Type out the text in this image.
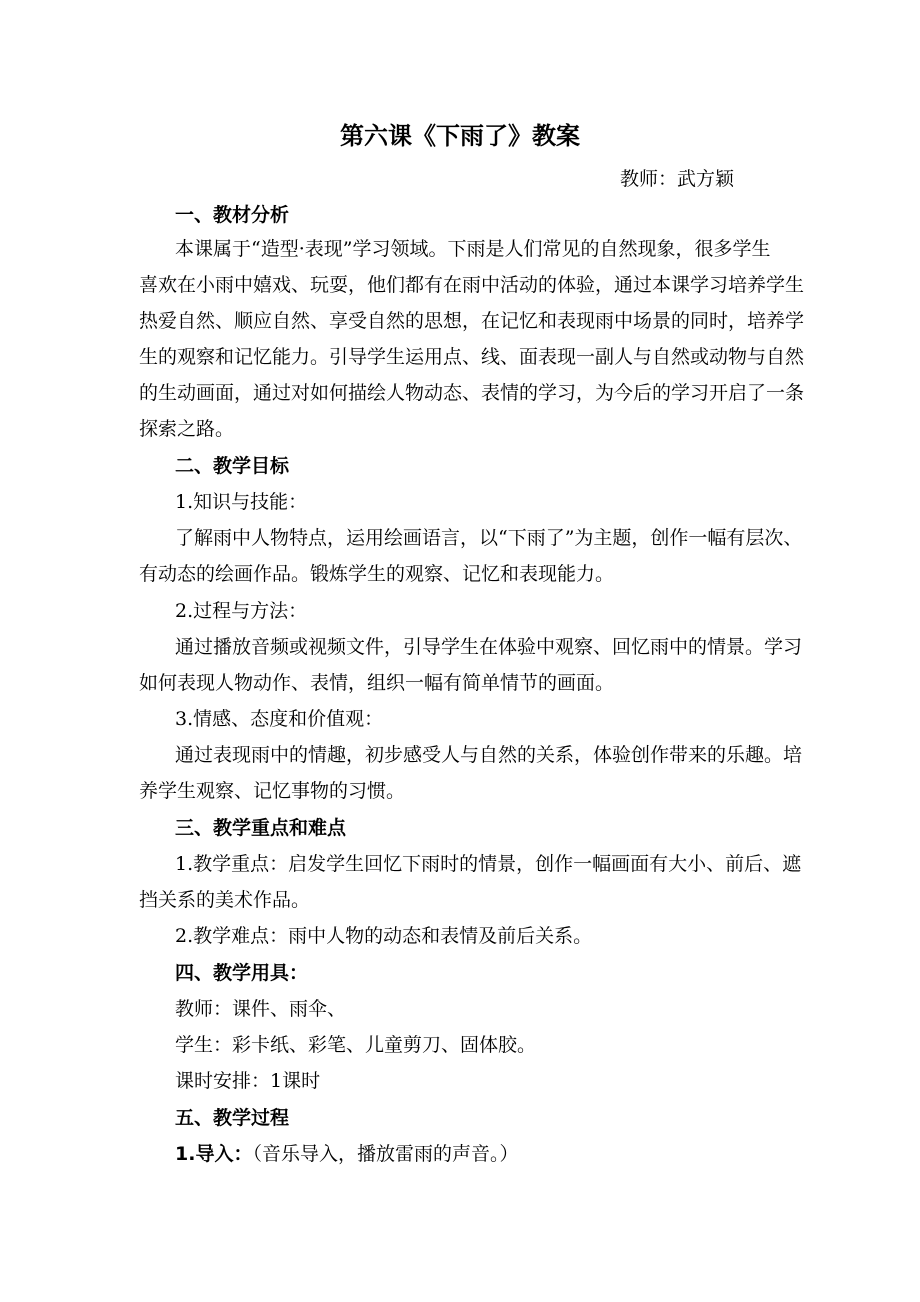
第六课《下雨了》教案
教师：武方颖
一、教材分析
本课属于“造型·表现”学习领域。下雨是人们常见的自然现象，很多学生
喜欢在小雨中嬉戏、玩耍，他们都有在雨中活动的体验，通过本课学习培养学生
热爱自然、顺应自然、享受自然的思想，在记忆和表现雨中场景的同时，培养学
生的观察和记忆能力。引导学生运用点、线、面表现一副人与自然或动物与自然
的生动画面，通过对如何描绘人物动态、表情的学习，为今后的学习开启了一条
探索之路。
二、教学目标
1.知识与技能：
了解雨中人物特点，运用绘画语言，以“下雨了”为主题，创作一幅有层次、
有动态的绘画作品。锻炼学生的观察、记忆和表现能力。
2.过程与方法：
通过播放音频或视频文件，引导学生在体验中观察、回忆雨中的情景。学习
如何表现人物动作、表情，组织一幅有简单情节的画面。
3.情感、态度和价值观：
通过表现雨中的情趣，初步感受人与自然的关系，体验创作带来的乐趣。培
养学生观察、记忆事物的习惯。
三、教学重点和难点
1.教学重点：启发学生回忆下雨时的情景，创作一幅画面有大小、前后、遮
挡关系的美术作品。
2.教学难点：雨中人物的动态和表情及前后关系。
四、教学用具：
教师：课件、雨伞、
学生：彩卡纸、彩笔、儿童剪刀、固体胶。
课时安排：1课时
五、教学过程
1.导入：（音乐导入，播放雷雨的声音。）
